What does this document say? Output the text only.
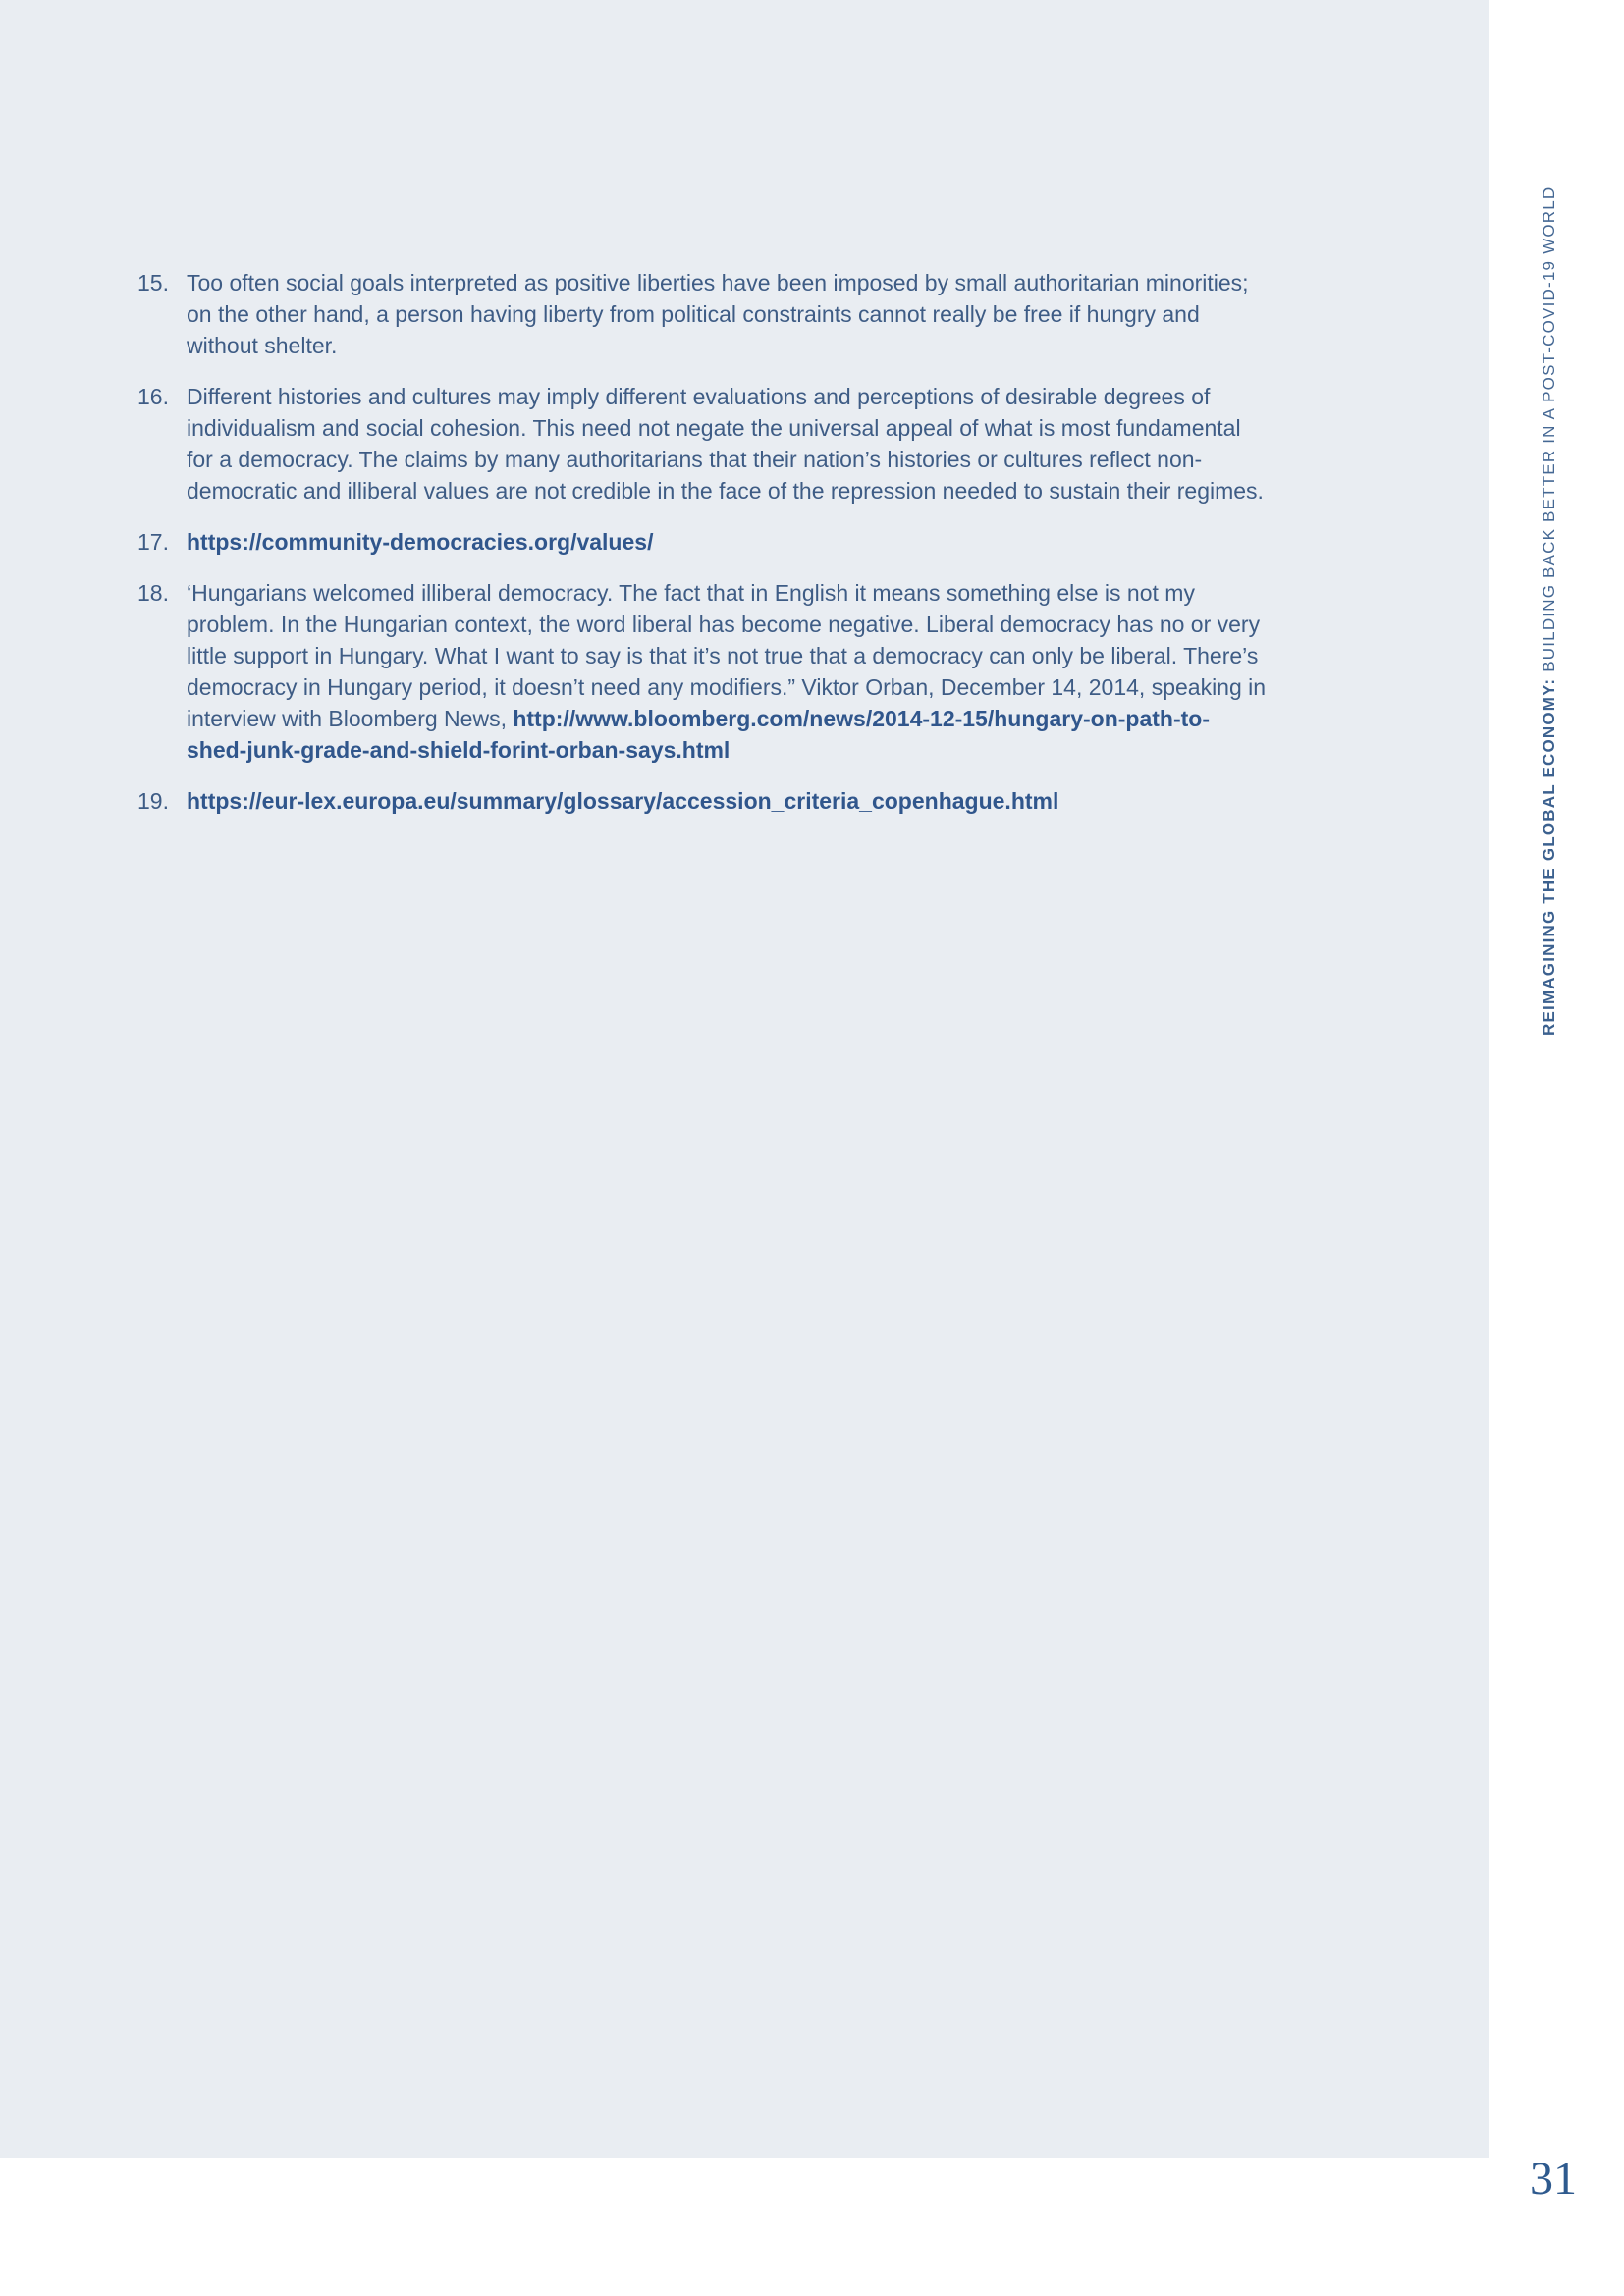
15. Too often social goals interpreted as positive liberties have been imposed by small authoritarian minorities; on the other hand, a person having liberty from political constraints cannot really be free if hungry and without shelter.
16. Different histories and cultures may imply different evaluations and perceptions of desirable degrees of individualism and social cohesion. This need not negate the universal appeal of what is most fundamental for a democracy. The claims by many authoritarians that their nation’s histories or cultures reflect non-democratic and illiberal values are not credible in the face of the repression needed to sustain their regimes.
17. https://community-democracies.org/values/
18. ‘Hungarians welcomed illiberal democracy. The fact that in English it means something else is not my problem. In the Hungarian context, the word liberal has become negative. Liberal democracy has no or very little support in Hungary. What I want to say is that it’s not true that a democracy can only be liberal. There’s democracy in Hungary period, it doesn’t need any modifiers.” Viktor Orban, December 14, 2014, speaking in interview with Bloomberg News, http://www.bloomberg.com/news/2014-12-15/hungary-on-path-to-shed-junk-grade-and-shield-forint-orban-says.html
19. https://eur-lex.europa.eu/summary/glossary/accession_criteria_copenhague.html	REIMAGINING THE GLOBAL ECONOMY: BUILDING BACK BETTER IN A POST-COVID-19 WORLD
31
